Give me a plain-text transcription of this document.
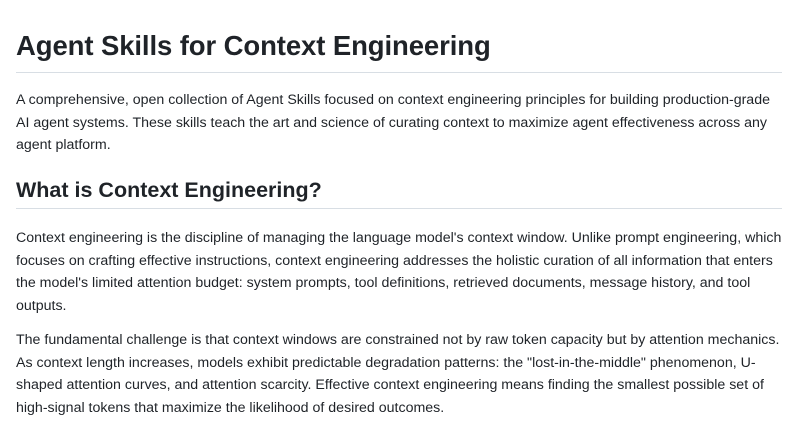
Agent Skills for Context Engineering

A comprehensive, open collection of Agent Skills focused on context engineering principles for building production-grade AI agent systems. These skills teach the art and science of curating context to maximize agent effectiveness across any agent platform.

What is Context Engineering?

Context engineering is the discipline of managing the language model's context window. Unlike prompt engineering, which focuses on crafting effective instructions, context engineering addresses the holistic curation of all information that enters the model's limited attention budget: system prompts, tool definitions, retrieved documents, message history, and tool outputs.

The fundamental challenge is that context windows are constrained not by raw token capacity but by attention mechanics. As context length increases, models exhibit predictable degradation patterns: the "lost-in-the-middle" phenomenon, U-shaped attention curves, and attention scarcity. Effective context engineering means finding the smallest possible set of high-signal tokens that maximize the likelihood of desired outcomes.
